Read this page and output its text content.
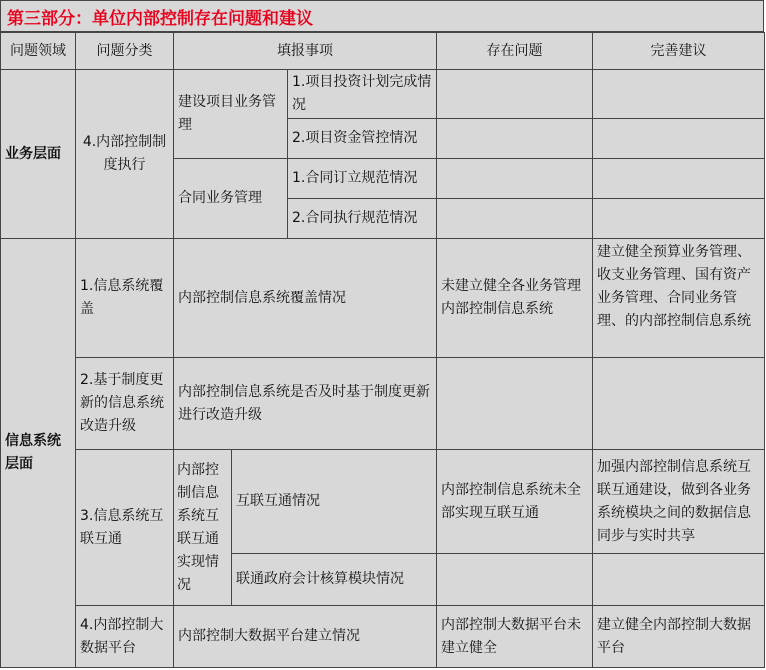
第三部分：单位内部控制存在问题和建议
问题领域	问题分类	填报事项			存在问题	完善建议
业务层面	4.内部控制制度执行	建设项目业务管理		1.项目投资计划完成情况		
				2.项目资金管控情况		
		合同业务管理		1.合同订立规范情况		
				2.合同执行规范情况		
信息系统层面	1.信息系统覆盖	内部控制信息系统覆盖情况			未建立健全各业务管理内部控制信息系统	建立健全预算业务管理、收支业务管理、国有资产业务管理、合同业务管理、的内部控制信息系统
	2.基于制度更新的信息系统改造升级	内部控制信息系统是否及时基于制度更新进行改造升级				
	3.信息系统互联互通	内部控制信息系统互联互通实现情况	互联互通情况		内部控制信息系统未全部实现互联互通	加强内部控制信息系统互联互通建设，做到各业务系统模块之间的数据信息同步与实时共享
			联通政府会计核算模块情况			
	4.内部控制大数据平台	内部控制大数据平台建立情况			内部控制大数据平台未建立健全	建立健全内部控制大数据平台
